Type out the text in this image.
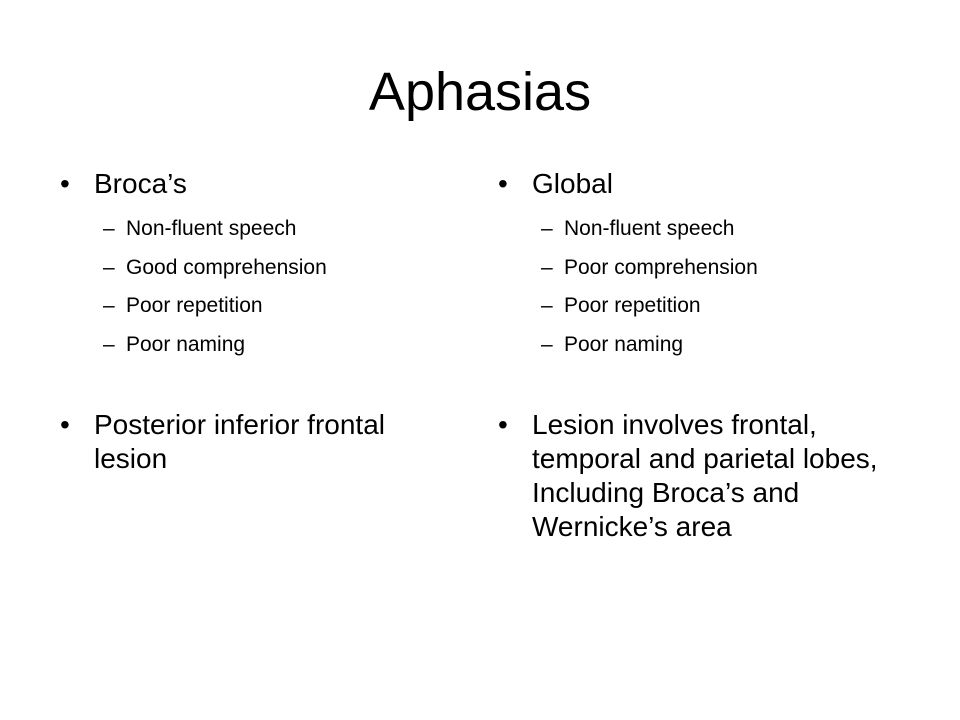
Aphasias
• Broca’s
– Non-fluent speech
– Good comprehension
– Poor repetition
– Poor naming
• Posterior inferior frontal lesion
• Global
– Non-fluent speech
– Poor comprehension
– Poor repetition
– Poor naming
• Lesion involves frontal, temporal and parietal lobes, Including Broca’s and Wernicke’s area
